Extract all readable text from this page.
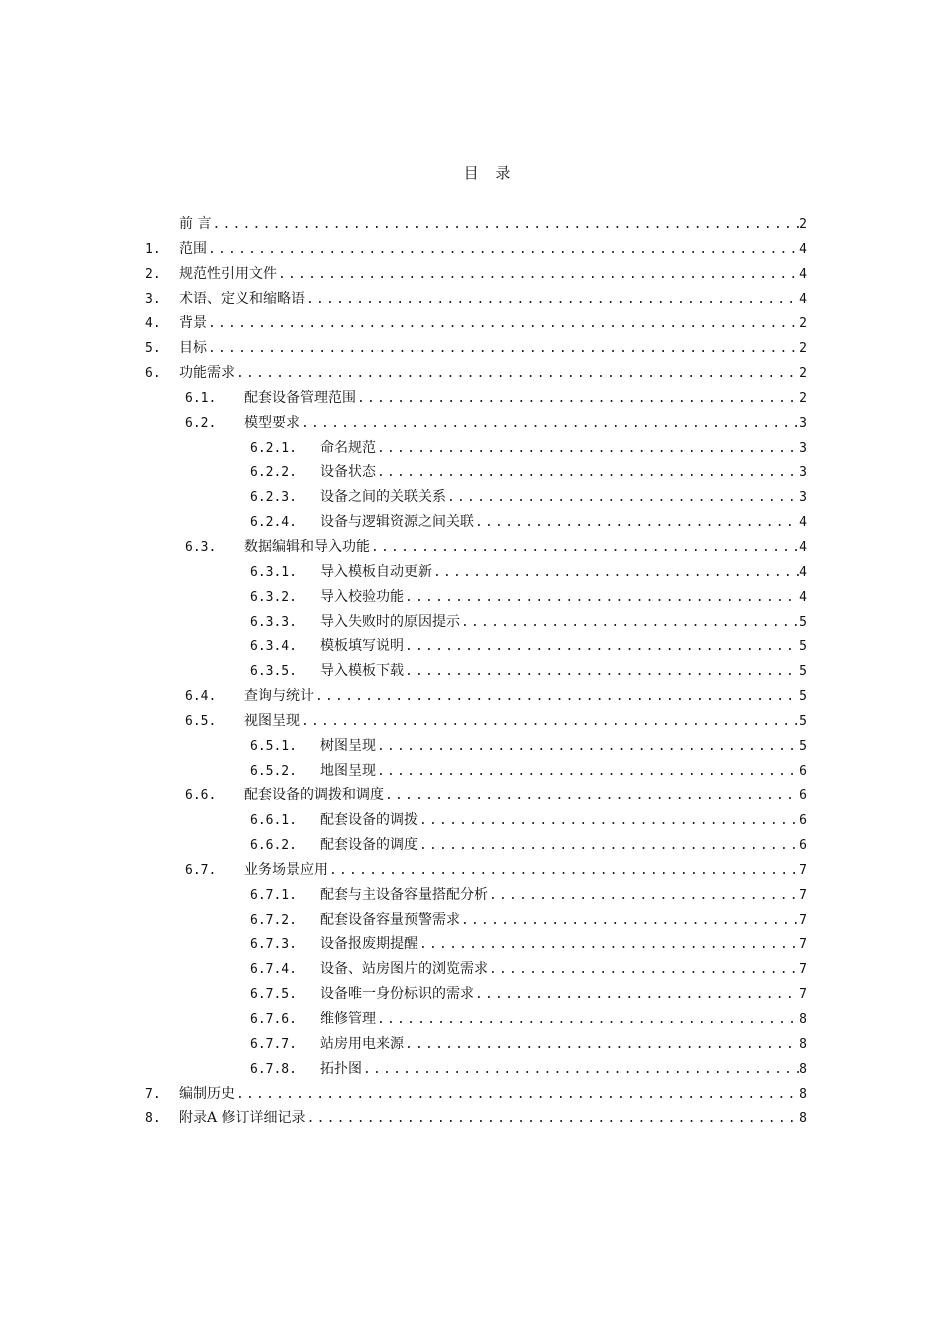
目 录
前 言 .....	2
1.	范围 .....	4
2.	规范性引用文件 .....	4
3.	术语、定义和缩略语 .....	4
4.	背景 .....	2
5.	目标 .....	2
6.	功能需求 .....	2
6.1.	配套设备管理范围 .....	2
6.2.	模型要求 .....	3
6.2.1.	命名规范 .....	3
6.2.2.	设备状态 .....	3
6.2.3.	设备之间的关联关系 .....	3
6.2.4.	设备与逻辑资源之间关联 .....	4
6.3.	数据编辑和导入功能 .....	4
6.3.1.	导入模板自动更新 .....	4
6.3.2.	导入校验功能 .....	4
6.3.3.	导入失败时的原因提示 .....	5
6.3.4.	模板填写说明 .....	5
6.3.5.	导入模板下载 .....	5
6.4.	查询与统计 .....	5
6.5.	视图呈现 .....	5
6.5.1.	树图呈现 .....	5
6.5.2.	地图呈现 .....	6
6.6.	配套设备的调拨和调度 .....	6
6.6.1.	配套设备的调拨 .....	6
6.6.2.	配套设备的调度 .....	6
6.7.	业务场景应用 .....	7
6.7.1.	配套与主设备容量搭配分析 .....	7
6.7.2.	配套设备容量预警需求 .....	7
6.7.3.	设备报废期提醒 .....	7
6.7.4.	设备、站房图片的浏览需求 .....	7
6.7.5.	设备唯一身份标识的需求 .....	7
6.7.6.	维修管理 .....	8
6.7.7.	站房用电来源 .....	8
6.7.8.	拓扑图 .....	8
7.	编制历史 .....	8
8.	附录A 修订详细记录 .....	8
